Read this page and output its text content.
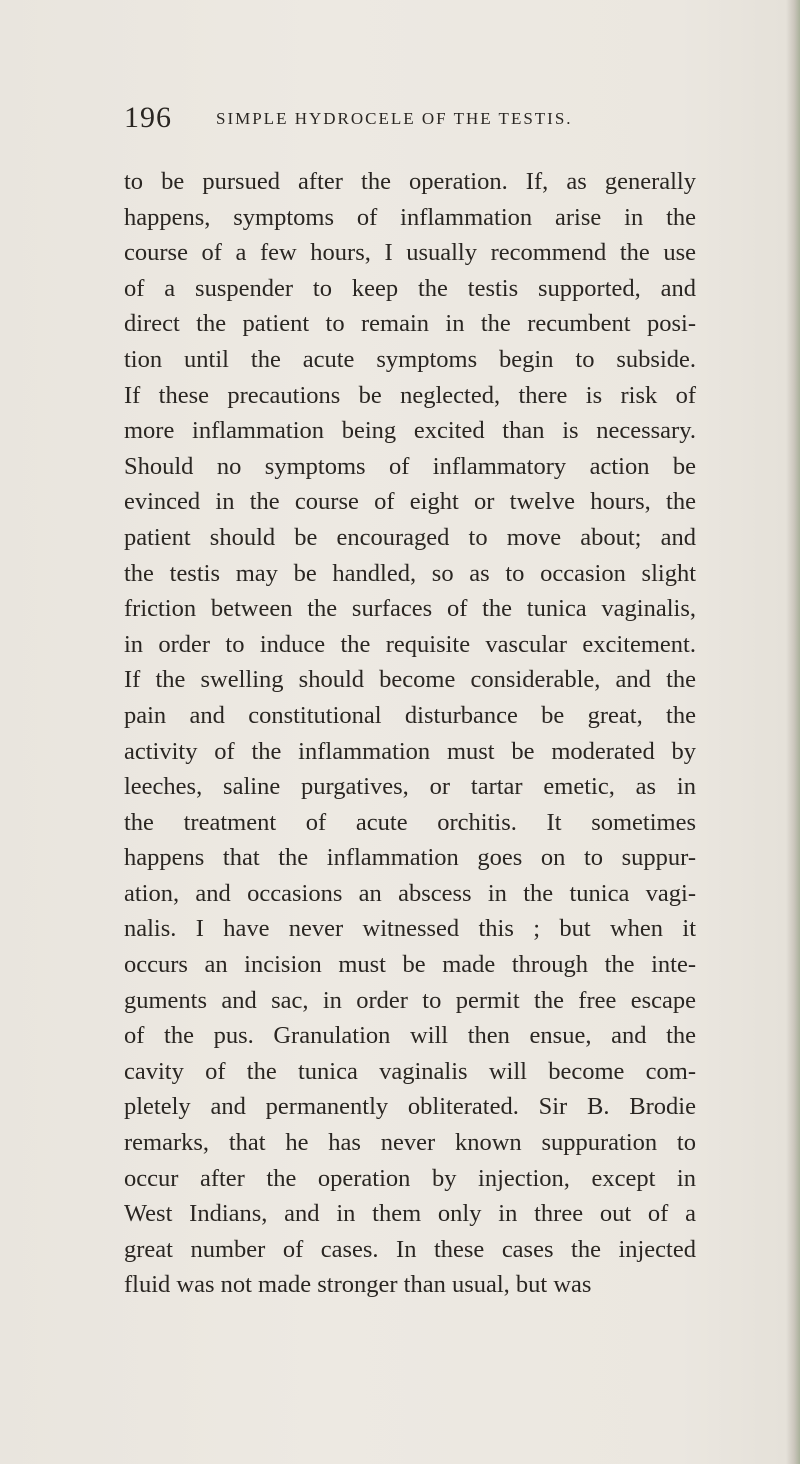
196	SIMPLE HYDROCELE OF THE TESTIS.
to be pursued after the operation. If, as generally
happens, symptoms of inflammation arise in the
course of a few hours, I usually recommend the use
of a suspender to keep the testis supported, and
direct the patient to remain in the recumbent posi-
tion until the acute symptoms begin to subside.
If these precautions be neglected, there is risk of
more inflammation being excited than is necessary.
Should no symptoms of inflammatory action be
evinced in the course of eight or twelve hours, the
patient should be encouraged to move about; and
the testis may be handled, so as to occasion slight
friction between the surfaces of the tunica vaginalis,
in order to induce the requisite vascular excitement.
If the swelling should become considerable, and the
pain and constitutional disturbance be great, the
activity of the inflammation must be moderated by
leeches, saline purgatives, or tartar emetic, as in
the treatment of acute orchitis. It sometimes
happens that the inflammation goes on to suppur-
ation, and occasions an abscess in the tunica vagi-
nalis. I have never witnessed this ; but when it
occurs an incision must be made through the inte-
guments and sac, in order to permit the free escape
of the pus. Granulation will then ensue, and the
cavity of the tunica vaginalis will become com-
pletely and permanently obliterated. Sir B. Brodie
remarks, that he has never known suppuration to
occur after the operation by injection, except in
West Indians, and in them only in three out of a
great number of cases. In these cases the injected
fluid was not made stronger than usual, but was
